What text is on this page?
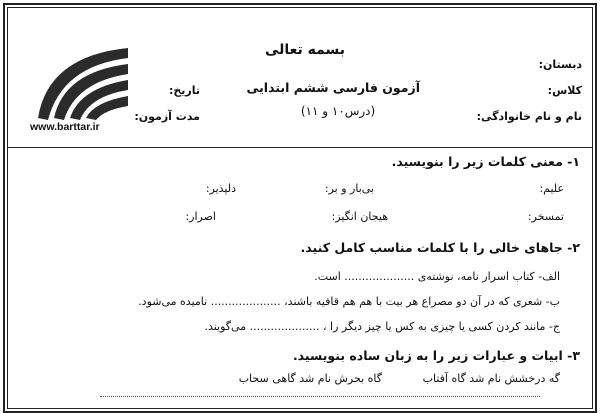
بسمه تعالی
آزمون فارسی ششم ابتدایی
(درس۱۰ و ۱۱)
دبستان:
کلاس:
نام و نام خانوادگی:
تاریخ:
مدت آزمون:
www.barttar.ir
۱- معنی کلمات زیر را بنویسید.
علیم:
بی‌بار و بر:
دلپذیر:
تمسخر:
هیجان انگیز:
اصرار:
۲- جاهای خالی را با کلمات مناسب کامل کنید.
الف- کتاب اسرار نامه، نوشته‌ی .................... است.
ب- شعری که در آن دو مصراع هر بیت با هم هم قافیه باشند، .................... نامیده می‌شود.
ج- مانند کردن کسی یا چیزی به کس یا چیز دیگر را ، .................... می‌گویند.
۳- ابیات و عبارات زیر را به زبان ساده بنویسید.
گه درخشش نام شد گاه آفتاب
گاه بحرش نام شد گاهی سحاب
